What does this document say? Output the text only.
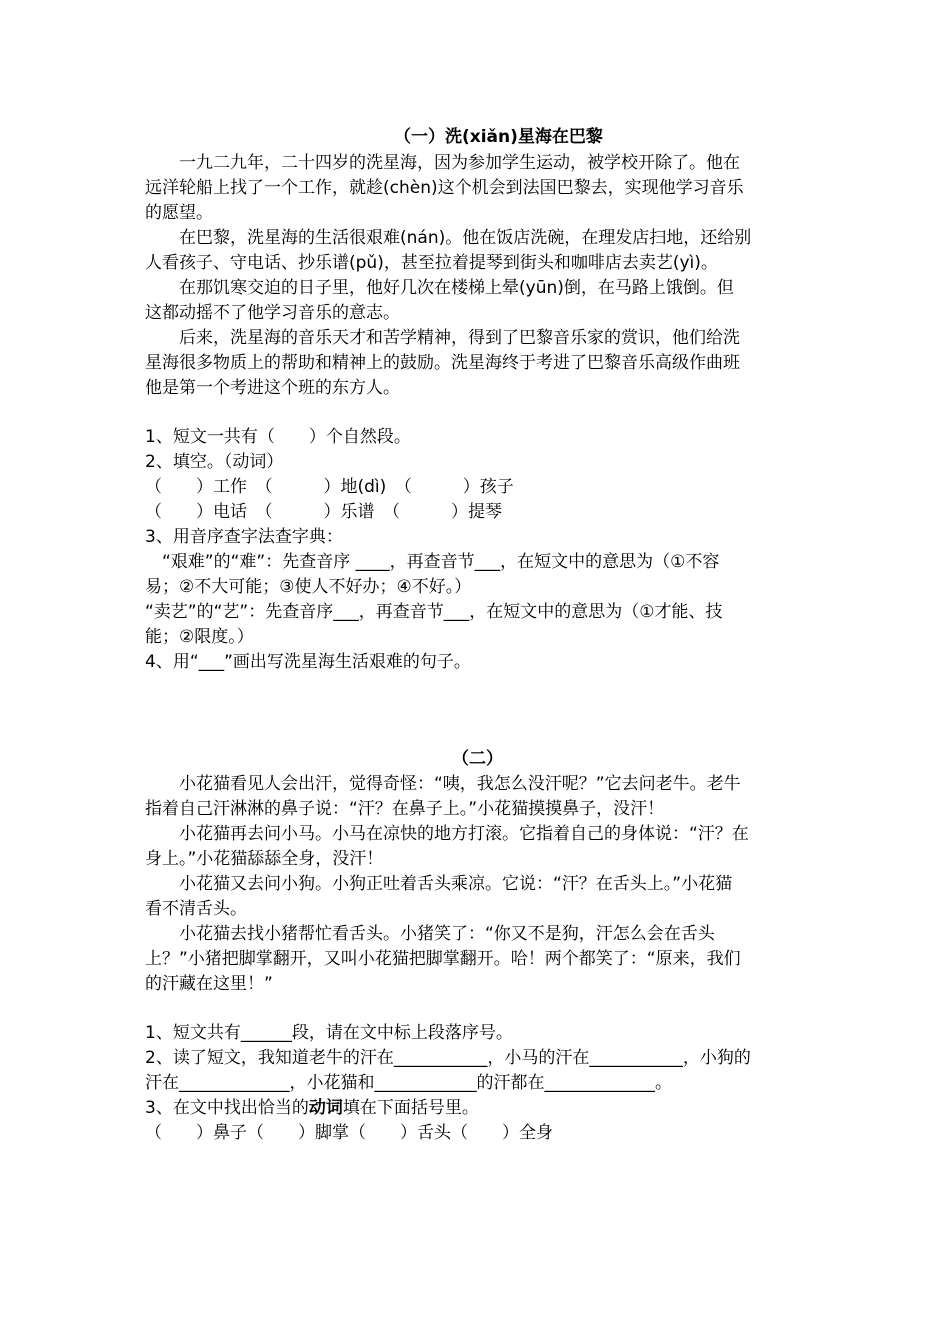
（一）洗(xiǎn)星海在巴黎
　　一九二九年，二十四岁的洗星海，因为参加学生运动，被学校开除了。他在
远洋轮船上找了一个工作，就趁(chèn)这个机会到法国巴黎去，实现他学习音乐
的愿望。
　　在巴黎，洗星海的生活很艰难(nán)。他在饭店洗碗，在理发店扫地，还给别
人看孩子、守电话、抄乐谱(pǔ)，甚至拉着提琴到街头和咖啡店去卖艺(yì)。
　　在那饥寒交迫的日子里，他好几次在楼梯上晕(yūn)倒，在马路上饿倒。但
这都动摇不了他学习音乐的意志。
　　后来，洗星海的音乐天才和苦学精神，得到了巴黎音乐家的赏识，他们给洗
星海很多物质上的帮助和精神上的鼓励。洗星海终于考进了巴黎音乐高级作曲班
他是第一个考进这个班的东方人。
1、短文一共有（　　）个自然段。
2、填空。（动词）
（　　）工作　（　　　）地(dì)　（　　　）孩子
（　　）电话　（　　　）乐谱　（　　　）提琴
3、用音序查字法查字典：
　“艰难”的“难”：先查音序 ____，再查音节___，在短文中的意思为（①不容
易；②不大可能；③使人不好办；④不好。）
“卖艺”的“艺”：先查音序___，再查音节___，在短文中的意思为（①才能、技
能；②限度。）
4、用“___”画出写洗星海生活艰难的句子。
（二）
　　小花猫看见人会出汗，觉得奇怪：“咦，我怎么没汗呢？”它去问老牛。老牛
指着自己汗淋淋的鼻子说：“汗？在鼻子上。”小花猫摸摸鼻子，没汗！
　　小花猫再去问小马。小马在凉快的地方打滚。它指着自己的身体说：“汗？在
身上。”小花猫舔舔全身，没汗！
　　小花猫又去问小狗。小狗正吐着舌头乘凉。它说：“汗？在舌头上。”小花猫
看不清舌头。
　　小花猫去找小猪帮忙看舌头。小猪笑了：“你又不是狗，汗怎么会在舌头
上？”小猪把脚掌翻开，又叫小花猫把脚掌翻开。哈！两个都笑了：“原来，我们
的汗藏在这里！”
1、短文共有______段，请在文中标上段落序号。
2、读了短文，我知道老牛的汗在___________，小马的汗在___________，小狗的
汗在_____________，小花猫和____________的汗都在_____________。
3、在文中找出恰当的动词填在下面括号里。
（　　）鼻子（　　）脚掌（　　）舌头（　　）全身
